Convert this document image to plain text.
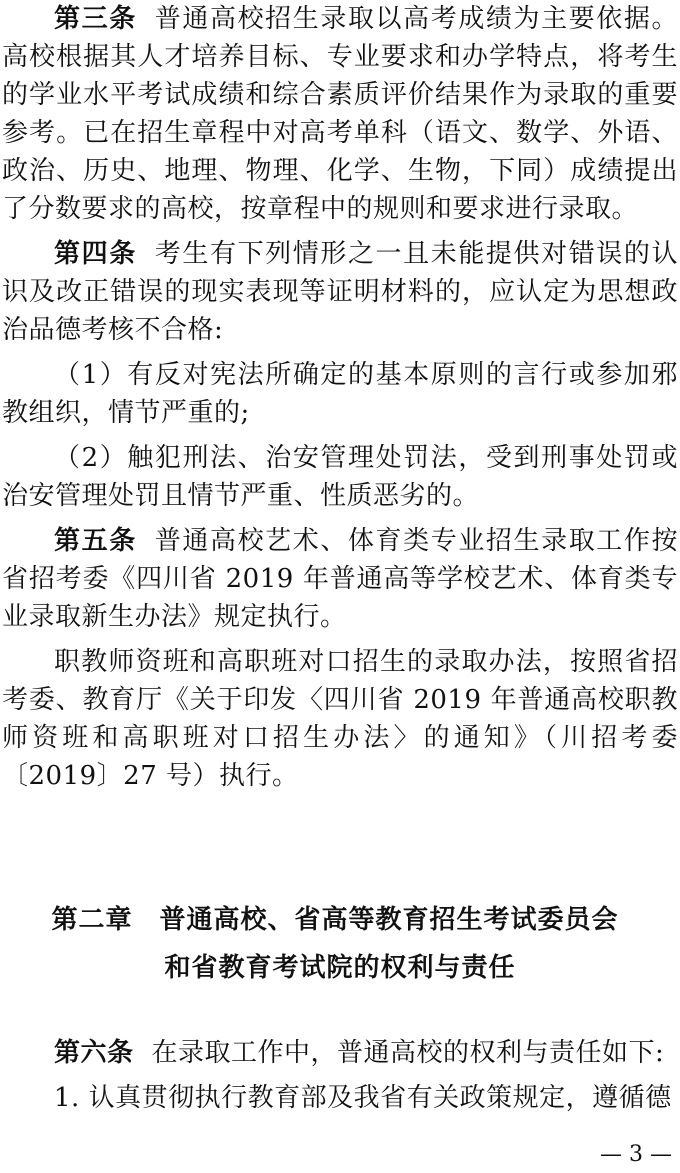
第三条 普通高校招生录取以高考成绩为主要依据。高校根据其人才培养目标、专业要求和办学特点，将考生的学业水平考试成绩和综合素质评价结果作为录取的重要参考。已在招生章程中对高考单科（语文、数学、外语、政治、历史、地理、物理、化学、生物，下同）成绩提出了分数要求的高校，按章程中的规则和要求进行录取。

第四条 考生有下列情形之一且未能提供对错误的认识及改正错误的现实表现等证明材料的，应认定为思想政治品德考核不合格:

（1）有反对宪法所确定的基本原则的言行或参加邪教组织，情节严重的;

（2）触犯刑法、治安管理处罚法，受到刑事处罚或治安管理处罚且情节严重、性质恶劣的。

第五条 普通高校艺术、体育类专业招生录取工作按省招考委《四川省 2019 年普通高等学校艺术、体育类专业录取新生办法》规定执行。

职教师资班和高职班对口招生的录取办法，按照省招考委、教育厅《关于印发〈四川省 2019 年普通高校职教师资班和高职班对口招生办法〉的通知》（川招考委〔2019〕27 号）执行。

第二章　普通高校、省高等教育招生考试委员会
和省教育考试院的权利与责任

第六条 在录取工作中，普通高校的权利与责任如下:

1. 认真贯彻执行教育部及我省有关政策规定，遵循德

— 3 —
